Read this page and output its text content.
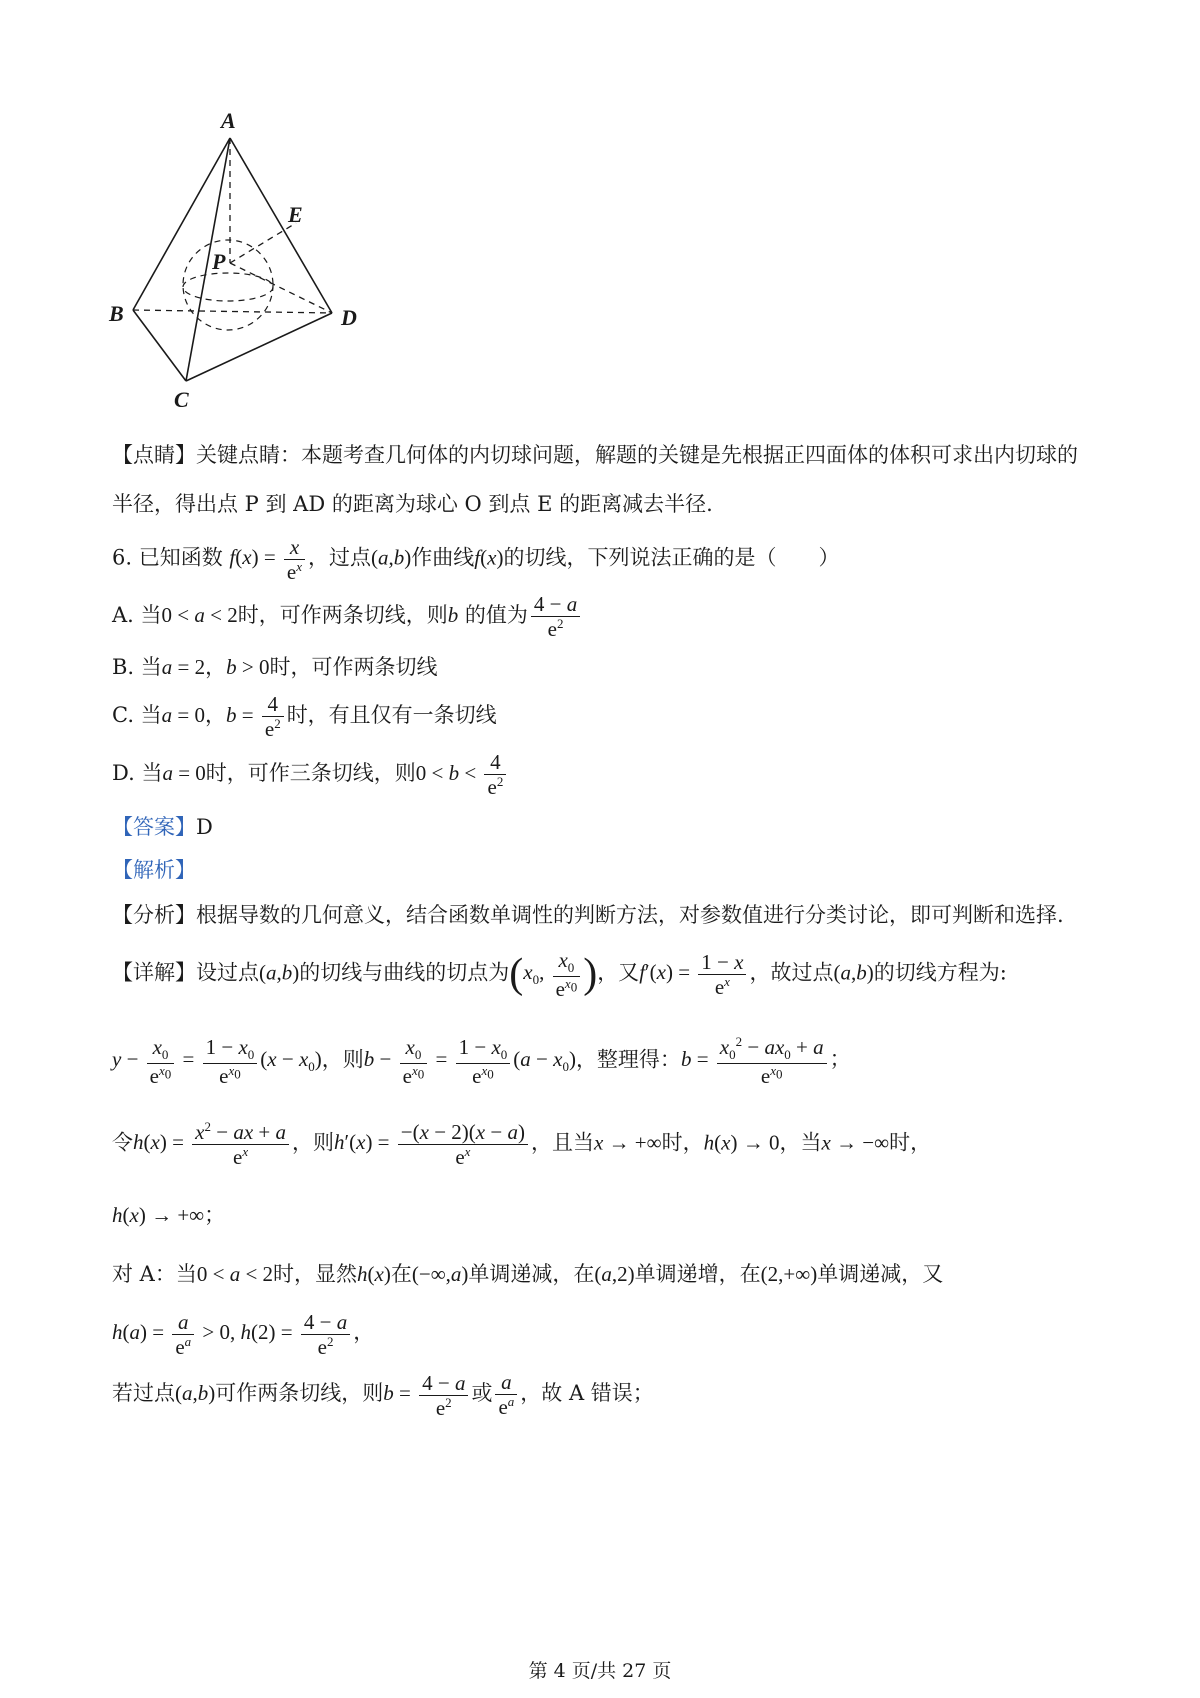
A
B
C
D
E
P
【点睛】关键点睛：本题考查几何体的内切球问题，解题的关键是先根据正四面体的体积可求出内切球的
半径，得出点 P 到 AD 的距离为球心 O 到点 E 的距离减去半径.
6. 已知函数 $f(x) = \frac{x}{e^x}$ ，过点(a,b)作曲线f(x)的切线，下列说法正确的是（　　）
A. 当0 < a < 2时，可作两条切线，则b 的值为 $\frac{4 - a}{e^2}$
B. 当a = 2，b > 0时，可作两条切线
C. 当a = 0，$b = \frac{4}{e^2}$ 时，有且仅有一条切线
D. 当a = 0时，可作三条切线，则$0 < b < \frac{4}{e^2}$
【答案】D
【解析】
【分析】根据导数的几何意义，结合函数单调性的判断方法，对参数值进行分类讨论，即可判断和选择.
【详解】设过点(a,b)的切线与曲线的切点为($x_0$, $\frac{x_0}{e^{x_0}}$ )，又$f'(x) = \frac{1 - x}{e^x}$ ，故过点(a,b)的切线方程为:
$y - \frac{x_0}{e^{x_0}} = \frac{1 - x_0}{e^{x_0}} (x - x_0)$，则$b - \frac{x_0}{e^{x_0}} = \frac{1 - x_0}{e^{x_0}} (a - x_0)$，整理得：$b = \frac{x_0^2 - ax_0 + a}{e^{x_0}}$ ；
令$h(x) = \frac{x^2 - ax + a}{e^x}$ ，则$h'(x) = \frac{-(x - 2)(x - a)}{e^x}$ ，且当x → +∞时，h(x) → 0，当x → −∞时，
h(x) → +∞；
对 A：当0 < a < 2时，显然h(x)在(−∞,a)单调递减，在(a,2)单调递增，在(2,+∞)单调递减，又
$h(a) = \frac{a}{e^a} > 0$, $h(2) = \frac{4 - a}{e^2}$ ，
若过点(a,b)可作两条切线，则$b = \frac{4 - a}{e^2}$ 或 $\frac{a}{e^a}$ ，故 A 错误；
第 4 页/共 27 页
